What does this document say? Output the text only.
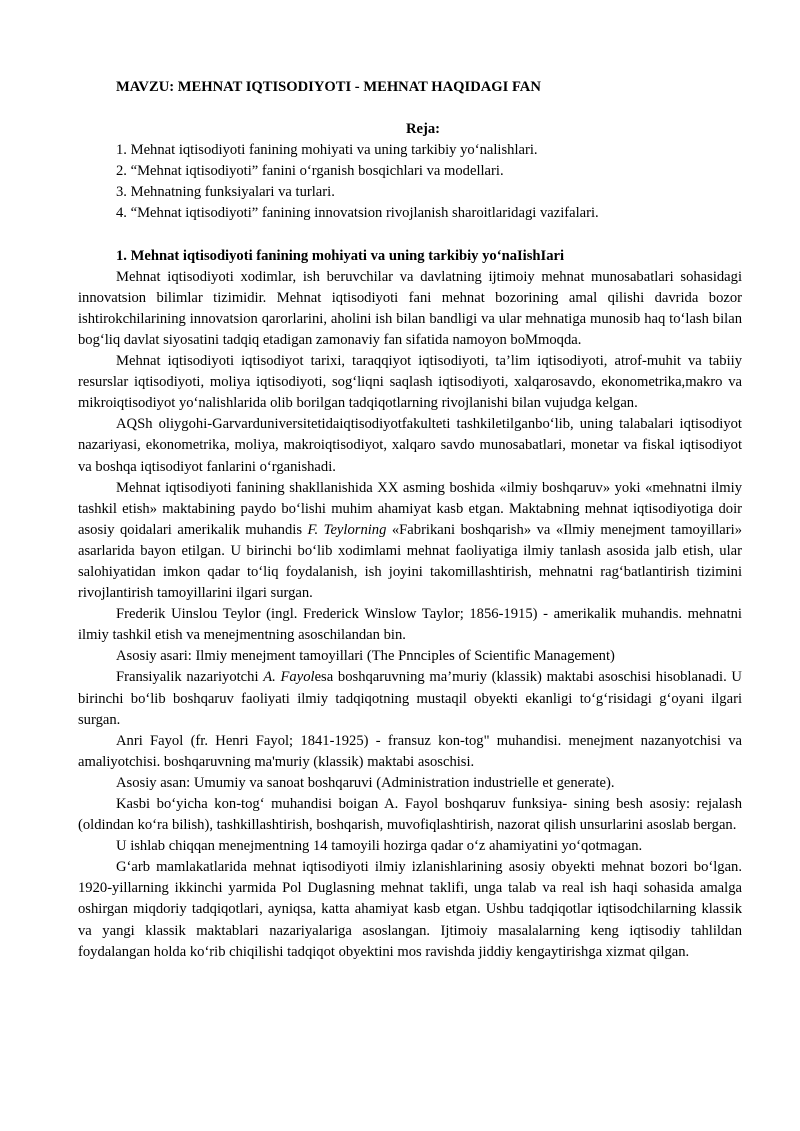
MAVZU: MEHNAT IQTISODIYOTI - MEHNAT HAQIDAGI FAN
Reja:
1. Mehnat iqtisodiyoti fanining mohiyati va uning tarkibiy yo‘nalishlari.
2. “Mehnat iqtisodiyoti” fanini o‘rganish bosqichlari va modellari.
3. Mehnatning funksiyalari va turlari.
4. “Mehnat iqtisodiyoti” fanining innovatsion rivojlanish sharoitlaridagi vazifalari.
1. Mehnat iqtisodiyoti fanining mohiyati va uning tarkibiy yo‘naIishIari

Mehnat iqtisodiyoti xodimlar, ish beruvchilar va davlatning ijtimoiy mehnat munosabatlari sohasidagi innovatsion bilimlar tizimidir. Mehnat iqtisodiyoti fani mehnat bozorining amal qilishi davrida bozor ishtirokchilarining innovatsion qarorlarini, aholini ish bilan bandligi va ular mehnatiga munosib haq to‘lash bilan bog‘liq davlat siyosatini tadqiq etadigan zamonaviy fan sifatida namoyon boMmoqda.

Mehnat iqtisodiyoti iqtisodiyot tarixi, taraqqiyot iqtisodiyoti, ta’lim iqtisodiyoti, atrof-muhit va tabiiy resurslar iqtisodiyoti, moliya iqtisodiyoti, sog‘liqni saqlash iqtisodiyoti, xalqarosavdo, ekonometrika,makro va mikroiqtisodiyot yo‘nalishlarida olib borilgan tadqiqotlarning rivojlanishi bilan vujudga kelgan.

AQSh oliygohi-Garvarduniversitetidaiqtisodiyotfakulteti tashkiletilganbo‘lib, uning talabalari iqtisodiyot nazariyasi, ekonometrika, moliya, makroiqtisodiyot, xalqaro savdo munosabatlari, monetar va fiskal iqtisodiyot va boshqa iqtisodiyot fanlarini o‘rganishadi.

Mehnat iqtisodiyoti fanining shakllanishida XX asming boshida «ilmiy boshqaruv» yoki «mehnatni ilmiy tashkil etish» maktabining paydo bo‘lishi muhim ahamiyat kasb etgan. Maktabning mehnat iqtisodiyotiga doir asosiy qoidalari amerikalik muhandis F. Teylorning «Fabrikani boshqarish» va «Ilmiy menejment tamoyillari» asarlarida bayon etilgan. U birinchi bo‘lib xodimlami mehnat faoliyatiga ilmiy tanlash asosida jalb etish, ular salohiyatidan imkon qadar to‘liq foydalanish, ish joyini takomillashtirish, mehnatni rag‘batlantirish tizimini rivojlantirish tamoyillarini ilgari surgan.

Frederik Uinslou Teylor (ingl. Frederick Winslow Taylor; 1856-1915) - amerikalik muhandis. mehnatni ilmiy tashkil etish va menejmentning asoschilandan bin.

Asosiy asari: Ilmiy menejment tamoyillari (The Pnnciples of Scientific Management)

Fransiyalik nazariyotchi A. Fayolesa boshqaruvning ma’muriy (klassik) maktabi asoschisi hisoblanadi. U birinchi bo‘lib boshqaruv faoliyati ilmiy tadqiqotning mustaqil obyekti ekanligi to‘g‘risidagi g‘oyani ilgari surgan.

Anri Fayol (fr. Henri Fayol; 1841-1925) - fransuz kon-tog" muhandisi. menejment nazanyotchisi va amaliyotchisi. boshqaruvning ma'muriy (klassik) maktabi asoschisi.

Asosiy asan: Umumiy va sanoat boshqaruvi (Administration industrielle et generate).

Kasbi bo‘yicha kon-tog‘ muhandisi boigan A. Fayol boshqaruv funksiya- sining besh asosiy: rejalash (oldindan ko‘ra bilish), tashkillashtirish, boshqarish, muvofiqlashtirish, nazorat qilish unsurlarini asoslab bergan.

U ishlab chiqqan menejmentning 14 tamoyili hozirga qadar o‘z ahamiyatini yo‘qotmagan.

G‘arb mamlakatlarida mehnat iqtisodiyoti ilmiy izlanishlarining asosiy obyekti mehnat bozori bo‘lgan. 1920-yillarning ikkinchi yarmida Pol Duglasning mehnat taklifi, unga talab va real ish haqi sohasida amalga oshirgan miqdoriy tadqiqotlari, ayniqsa, katta ahamiyat kasb etgan. Ushbu tadqiqotlar iqtisodchilarning klassik va yangi klassik maktablari nazariyalariga asoslangan. Ijtimoiy masalalarning keng iqtisodiy tahlildan foydalangan holda ko‘rib chiqilishi tadqiqot obyektini mos ravishda jiddiy kengaytirishga xizmat qilgan.
